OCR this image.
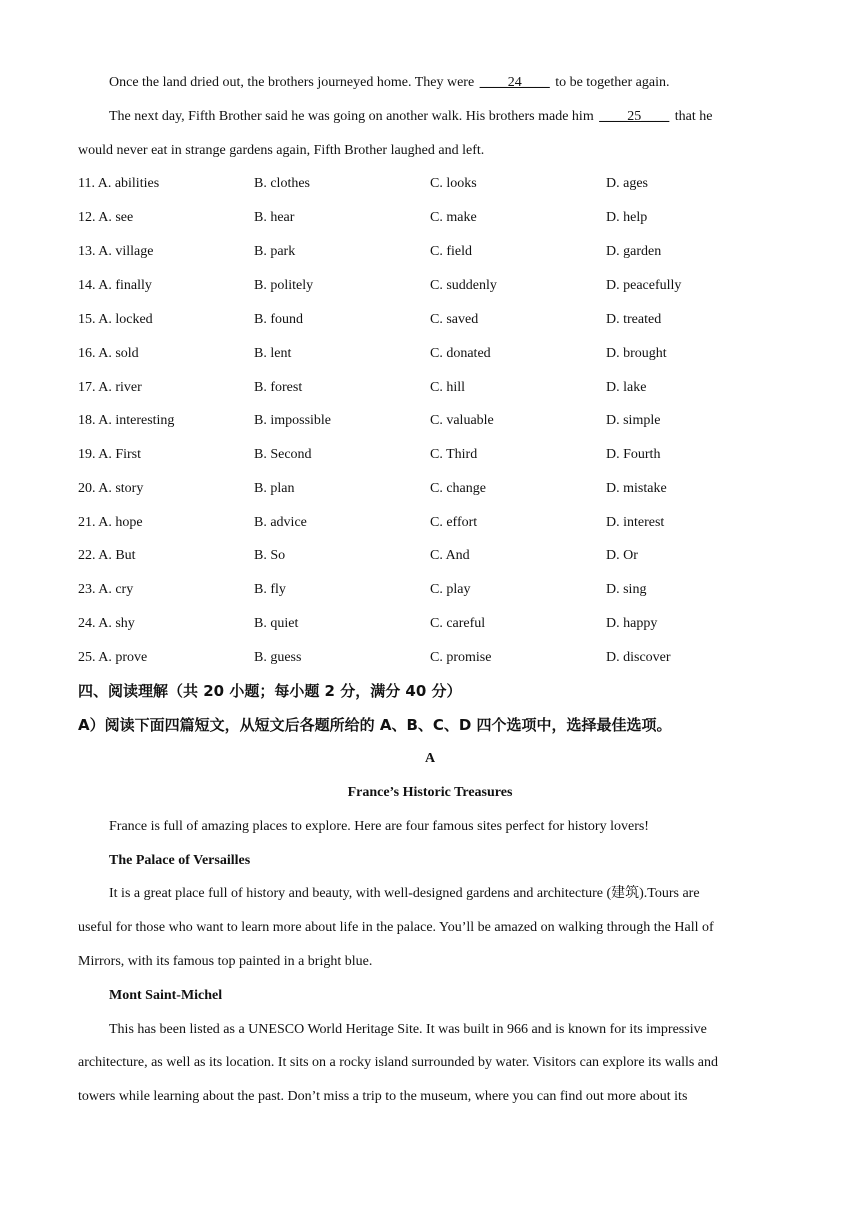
Once the land dried out, the brothers journeyed home. They were ____24____ to be together again.
The next day, Fifth Brother said he was going on another walk. His brothers made him ____25____ that he
would never eat in strange gardens again, Fifth Brother laughed and left.
11. A. abilities	B. clothes	C. looks	D. ages
12. A. see	B. hear	C. make	D. help
13. A. village	B. park	C. field	D. garden
14. A. finally	B. politely	C. suddenly	D. peacefully
15. A. locked	B. found	C. saved	D. treated
16. A. sold	B. lent	C. donated	D. brought
17. A. river	B. forest	C. hill	D. lake
18. A. interesting	B. impossible	C. valuable	D. simple
19. A. First	B. Second	C. Third	D. Fourth
20. A. story	B. plan	C. change	D. mistake
21. A. hope	B. advice	C. effort	D. interest
22. A. But	B. So	C. And	D. Or
23. A. cry	B. fly	C. play	D. sing
24. A. shy	B. quiet	C. careful	D. happy
25. A. prove	B. guess	C. promise	D. discover
四、阅读理解（共 20 小题；每小题 2 分，满分 40 分）
A）阅读下面四篇短文，从短文后各题所给的 A、B、C、D 四个选项中，选择最佳选项。
A
France’s Historic Treasures
France is full of amazing places to explore. Here are four famous sites perfect for history lovers!
The Palace of Versailles
It is a great place full of history and beauty, with well-designed gardens and architecture (建筑).Tours are
useful for those who want to learn more about life in the palace. You’ll be amazed on walking through the Hall of
Mirrors, with its famous top painted in a bright blue.
Mont Saint-Michel
This has been listed as a UNESCO World Heritage Site. It was built in 966 and is known for its impressive
architecture, as well as its location. It sits on a rocky island surrounded by water. Visitors can explore its walls and
towers while learning about the past. Don’t miss a trip to the museum, where you can find out more about its
